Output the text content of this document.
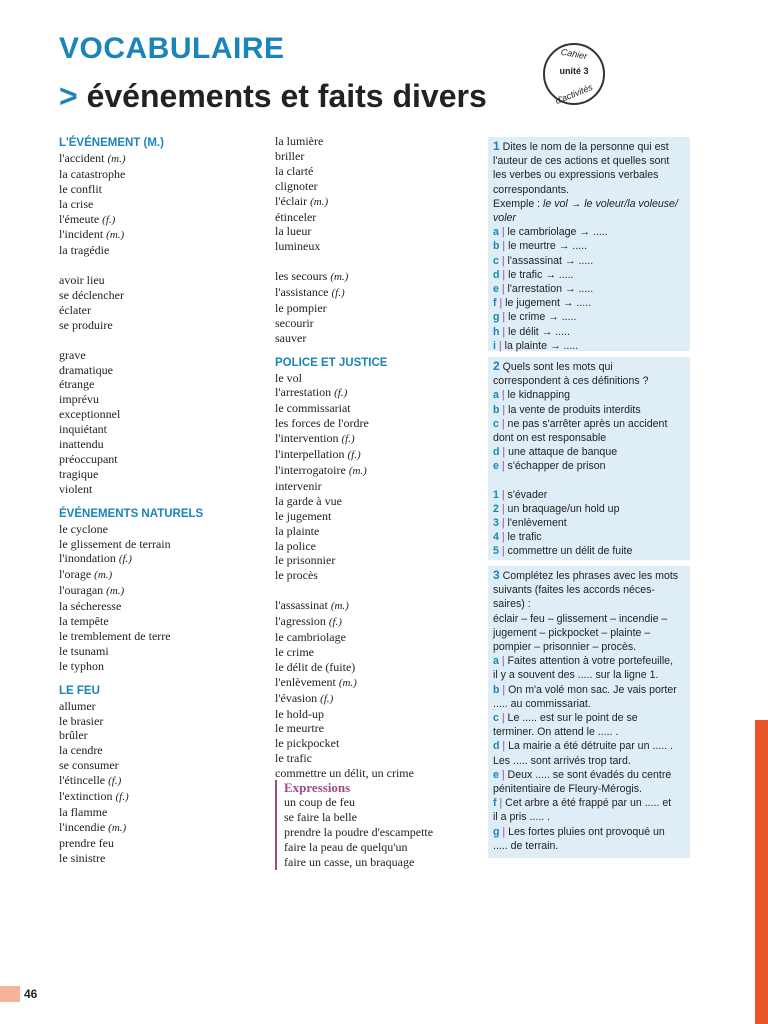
VOCABULAIRE
> événements et faits divers
Cahier
unité 3
d'activités
L'ÉVÉNEMENT (M.)
l'accident (m.)
la catastrophe
le conflit
la crise
l'émeute (f.)
l'incident (m.)
la tragédie
avoir lieu
se déclencher
éclater
se produire
grave
dramatique
étrange
imprévu
exceptionnel
inquiétant
inattendu
préoccupant
tragique
violent
ÉVÉNEMENTS NATURELS
le cyclone
le glissement de terrain
l'inondation (f.)
l'orage (m.)
l'ouragan (m.)
la sécheresse
la tempête
le tremblement de terre
le tsunami
le typhon
LE FEU
allumer
le brasier
brûler
la cendre
se consumer
l'étincelle (f.)
l'extinction (f.)
la flamme
l'incendie (m.)
prendre feu
le sinistre
la lumière
briller
la clarté
clignoter
l'éclair (m.)
étinceler
la lueur
lumineux
les secours (m.)
l'assistance (f.)
le pompier
secourir
sauver
POLICE ET JUSTICE
le vol
l'arrestation (f.)
le commissariat
les forces de l'ordre
l'intervention (f.)
l'interpellation (f.)
l'interrogatoire (m.)
intervenir
la garde à vue
le jugement
la plainte
la police
le prisonnier
le procès
l'assassinat (m.)
l'agression (f.)
le cambriolage
le crime
le délit de (fuite)
l'enlèvement (m.)
l'évasion (f.)
le hold-up
le meurtre
le pickpocket
le trafic
commettre un délit, un crime
Expressions
un coup de feu
se faire la belle
prendre la poudre d'escampette
faire la peau de quelqu'un
faire un casse, un braquage
1 Dites le nom de la personne qui est
l'auteur de ces actions et quelles sont
les verbes ou expressions verbales
correspondants.
Exemple : le vol → le voleur/la voleuse/
voler
a | le cambriolage → .....
b | le meurtre → .....
c | l'assassinat → .....
d | le trafic → .....
e | l'arrestation → .....
f | le jugement → .....
g | le crime → .....
h | le délit → .....
i | la plainte → .....
2 Quels sont les mots qui
correspondent à ces définitions ?
a | le kidnapping
b | la vente de produits interdits
c | ne pas s'arrêter après un accident
dont on est responsable
d | une attaque de banque
e | s'échapper de prison
1 | s'évader
2 | un braquage/un hold up
3 | l'enlèvement
4 | le trafic
5 | commettre un délit de fuite
3 Complétez les phrases avec les mots
suivants (faites les accords néces-
saires) :
éclair – feu – glissement – incendie –
jugement – pickpocket – plainte –
pompier – prisonnier – procès.
a | Faites attention à votre portefeuille,
il y a souvent des ..... sur la ligne 1.
b | On m'a volé mon sac. Je vais porter
..... au commissariat.
c | Le ..... est sur le point de se
terminer. On attend le ..... .
d | La mairie a été détruite par un ..... .
Les ..... sont arrivés trop tard.
e | Deux ..... se sont évadés du centre
pénitentiaire de Fleury-Mérogis.
f | Cet arbre a été frappé par un ..... et
il a pris ..... .
g | Les fortes pluies ont provoqué un
..... de terrain.
46
